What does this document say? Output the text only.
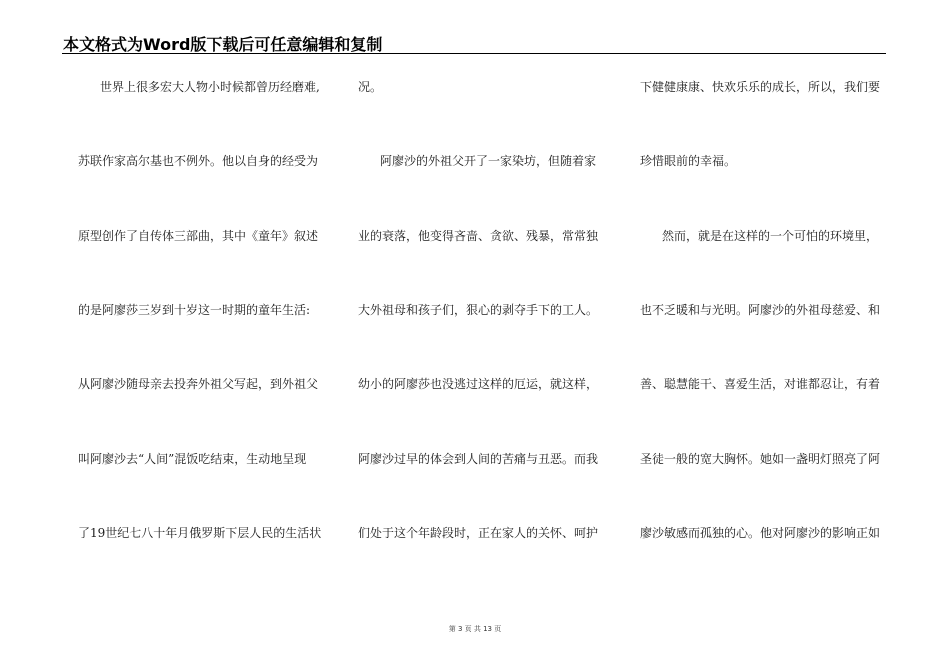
本文格式为Word版下载后可任意编辑和复制
世界上很多宏大人物小时候都曾历经磨难,
苏联作家高尔基也不例外。他以自身的经受为
原型创作了自传体三部曲，其中《童年》叙述
的是阿廖莎三岁到十岁这一时期的童年生活:
从阿廖沙随母亲去投奔外祖父写起，到外祖父
叫阿廖沙去“人间”混饭吃结束，生动地呈现
了19世纪七八十年月俄罗斯下层人民的生活状
况。
阿廖沙的外祖父开了一家染坊，但随着家
业的衰落，他变得吝啬、贪欲、残暴，常常独
大外祖母和孩子们，狠心的剥夺手下的工人。
幼小的阿廖莎也没逃过这样的厄运，就这样，
阿廖沙过早的体会到人间的苦痛与丑恶。而我
们处于这个年龄段时，正在家人的关怀、呵护
下健健康康、快欢乐乐的成长，所以，我们要
珍惜眼前的幸福。
然而，就是在这样的一个可怕的环境里，
也不乏暖和与光明。阿廖沙的外祖母慈爱、和
善、聪慧能干、喜爱生活，对谁都忍让，有着
圣徒一般的宽大胸怀。她如一盏明灯照亮了阿
廖沙敏感而孤独的心。他对阿廖沙的影响正如
第 3 页 共 13 页
